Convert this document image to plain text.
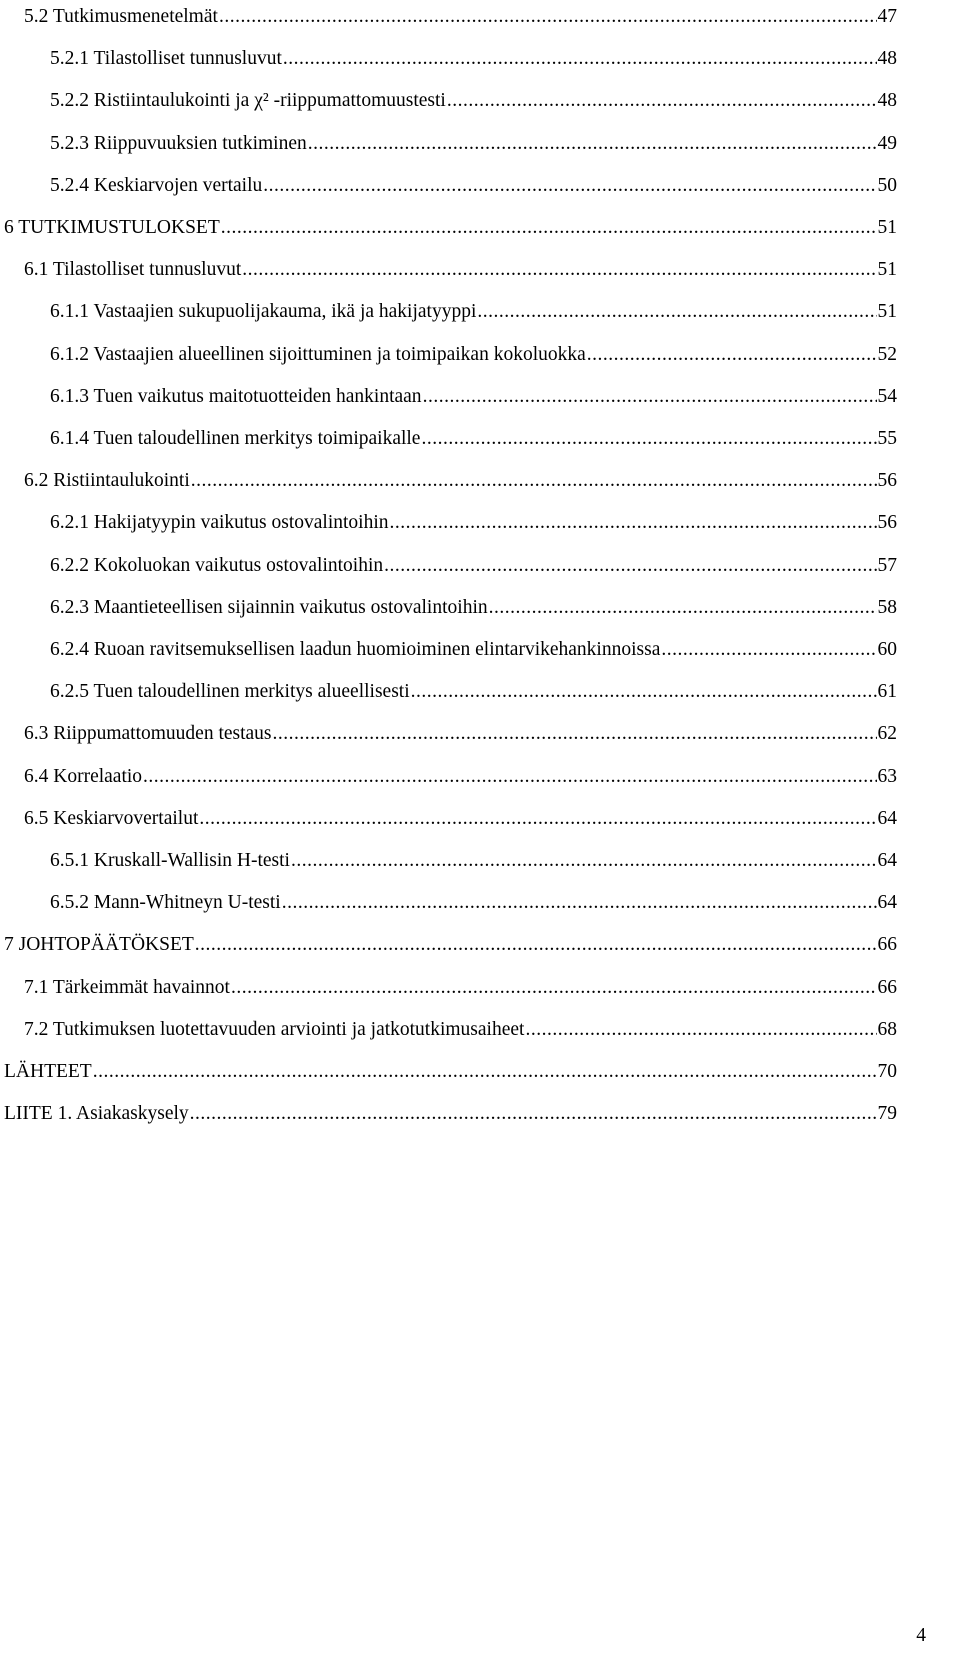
5.2 Tutkimusmenetelmät .....	47
5.2.1 Tilastolliset tunnusluvut .....	48
5.2.2 Ristiintaulukointi ja χ² -riippumattomuustesti .....	48
5.2.3 Riippuvuuksien tutkiminen .....	49
5.2.4 Keskiarvojen vertailu .....	50
6 TUTKIMUSTULOKSET .....	51
6.1 Tilastolliset tunnusluvut .....	51
6.1.1 Vastaajien sukupuolijakauma, ikä ja hakijatyyppi .....	51
6.1.2 Vastaajien alueellinen sijoittuminen ja toimipaikan kokoluokka .....	52
6.1.3 Tuen vaikutus maitotuotteiden hankintaan .....	54
6.1.4 Tuen taloudellinen merkitys toimipaikalle .....	55
6.2 Ristiintaulukointi .....	56
6.2.1 Hakijatyypin vaikutus ostovalintoihin .....	56
6.2.2 Kokoluokan vaikutus ostovalintoihin .....	57
6.2.3 Maantieteellisen sijainnin vaikutus ostovalintoihin .....	58
6.2.4 Ruoan ravitsemuksellisen laadun huomioiminen elintarvikehankinnoissa .....	60
6.2.5 Tuen taloudellinen merkitys alueellisesti .....	61
6.3 Riippumattomuuden testaus .....	62
6.4 Korrelaatio .....	63
6.5 Keskiarvovertailut .....	64
6.5.1 Kruskall-Wallisin H-testi .....	64
6.5.2 Mann-Whitneyn U-testi .....	64
7 JOHTOPÄÄTÖKSET .....	66
7.1 Tärkeimmät havainnot .....	66
7.2 Tutkimuksen luotettavuuden arviointi ja jatkotutkimusaiheet .....	68
LÄHTEET .....	70
LIITE 1. Asiakaskysely .....	79
4
